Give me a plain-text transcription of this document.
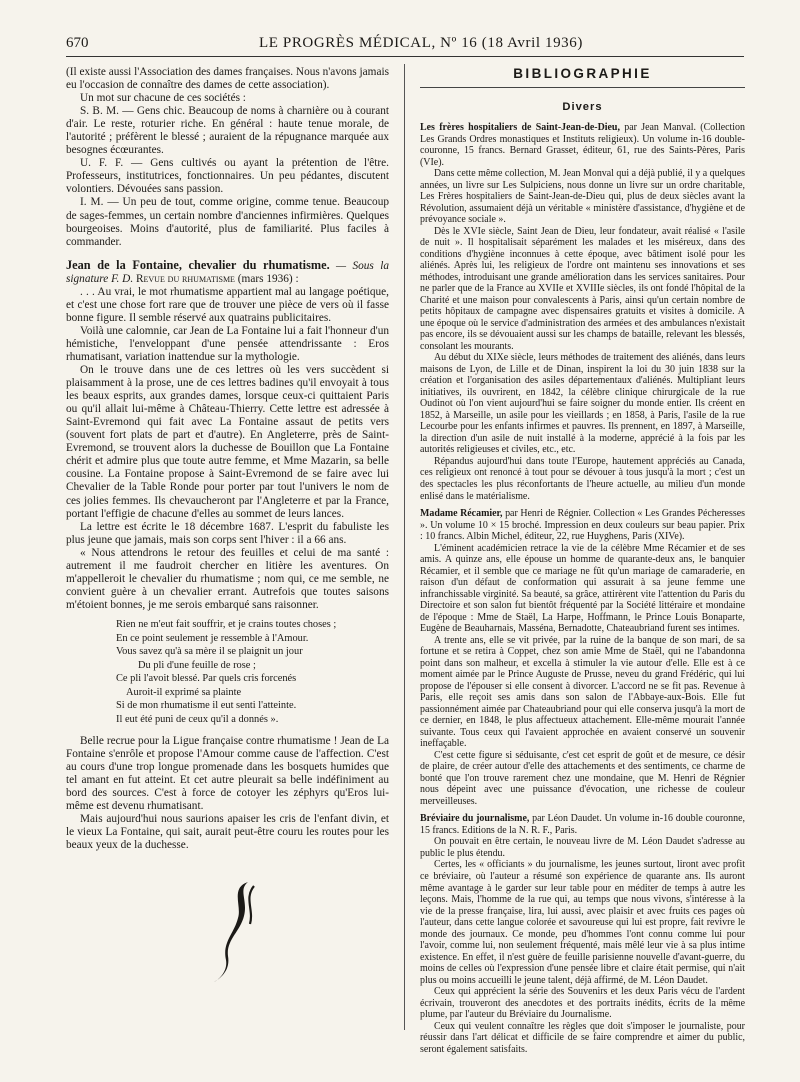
670	LE PROGRÈS MÉDICAL, Nº 16 (18 Avril 1936)

(Il existe aussi l'Association des dames françaises. Nous n'avons jamais eu l'occasion de connaître des dames de cette association).

Un mot sur chacune de ces sociétés :

S. B. M. — Gens chic. Beaucoup de noms à charnière ou à courant d'air. Le reste, roturier riche. En général : haute tenue morale, de l'autorité ; préfèrent le blessé ; auraient de la répugnance marquée aux besognes écœurantes.

U. F. F. — Gens cultivés ou ayant la prétention de l'être. Professeurs, institutrices, fonctionnaires. Un peu pédantes, discutent volontiers. Dévouées sans passion.

I. M. — Un peu de tout, comme origine, comme tenue. Beaucoup de sages-femmes, un certain nombre d'anciennes infirmières. Quelques bourgeoises. Moins d'autorité, plus de familiarité. Plus faciles à commander.

Jean de la Fontaine, chevalier du rhumatisme. — Sous la signature F. D. Revue du rhumatisme (mars 1936) :

. . . Au vrai, le mot rhumatisme appartient mal au langage poétique, et c'est une chose fort rare que de trouver une pièce de vers où il fasse bonne figure. Il semble réservé aux quatrains publicitaires.

Voilà une calomnie, car Jean de La Fontaine lui a fait l'honneur d'un hémistiche, l'enveloppant d'une pensée attendrissante : Eros rhumatisant, variation inattendue sur la mythologie.

On le trouve dans une de ces lettres où les vers succèdent si plaisamment à la prose, une de ces lettres badines qu'il envoyait à tous les beaux esprits, aux grandes dames, lorsque ceux-ci quittaient Paris ou qu'il allait lui-même à Château-Thierry. Cette lettre est adressée à Saint-Evremond qui fait avec La Fontaine assaut de petits vers (souvent fort plats de part et d'autre). En Angleterre, près de Saint-Evremond, se trouvent alors la duchesse de Bouillon que La Fontaine chérit et admire plus que toute autre femme, et Mme Mazarin, sa belle cousine. La Fontaine propose à Saint-Evremond de se faire avec lui Chevalier de la Table Ronde pour porter par tout l'univers le nom de ces jolies femmes. Ils chevaucheront par l'Angleterre et par la France, portant l'effigie de chacune d'elles au sommet de leurs lances.

La lettre est écrite le 18 décembre 1687. L'esprit du fabuliste les plus jeune que jamais, mais son corps sent l'hiver : il a 66 ans.

« Nous attendrons le retour des feuilles et celui de ma santé : autrement il me faudroit chercher en litière les aventures. On m'appelleroit le chevalier du rhumatisme ; nom qui, ce me semble, ne convient guère à un chevalier errant. Autrefois que toutes saisons m'étoient bonnes, je me serois embarqué sans raisonner.

Rien ne m'eut fait souffrir, et je crains toutes choses ;
En ce point seulement je ressemble à l'Amour.
Vous savez qu'à sa mère il se plaignit un jour
Du pli d'une feuille de rose ;
Ce pli l'avoit blessé. Par quels cris forcenés
Auroit-il exprimé sa plainte
Si de mon rhumatisme il eut senti l'atteinte.
Il eut été puni de ceux qu'il a donnés ».

Belle recrue pour la Ligue française contre rhumatisme ! Jean de La Fontaine s'enrôle et propose l'Amour comme cause de l'affection. C'est au cours d'une trop longue promenade dans les bosquets humides que tel amant en fut atteint. Et cet autre pleurait sa belle indéfiniment au bord des sources. C'est à force de cotoyer les zéphyrs qu'Eros lui-même est devenu rhumatisant.

Mais aujourd'hui nous saurions apaiser les cris de l'enfant divin, et le vieux La Fontaine, qui sait, aurait peut-être couru les routes pour les beaux yeux de la duchesse.

BIBLIOGRAPHIE
Divers

Les frères hospitaliers de Saint-Jean-de-Dieu, par Jean Manval. (Collection Les Grands Ordres monastiques et Instituts religieux). Un volume in-16 double-couronne, 15 francs. Bernard Grasset, éditeur, 61, rue des Saints-Pères, Paris (VIe).

Dans cette même collection, M. Jean Monval qui a déjà publié, il y a quelques années, un livre sur Les Sulpiciens, nous donne un livre sur un ordre charitable, Les Frères hospitaliers de Saint-Jean-de-Dieu qui, plus de deux siècles avant la Révolution, assumaient déjà un véritable « ministère d'assistance, d'hygiène et de prévoyance sociale ».

Dès le XVIe siècle, Saint Jean de Dieu, leur fondateur, avait réalisé « l'asile de nuit ». Il hospitalisait séparément les malades et les miséreux, dans des conditions d'hygiène inconnues à cette époque, avec bâtiment isolé pour les aliénés. Après lui, les religieux de l'ordre ont maintenu ses innovations et ses méthodes, introduisant une grande amélioration dans les services sanitaires. Pour ne parler que de la France au XVIIe et XVIIIe siècles, ils ont fondé l'hôpital de la Charité et une maison pour convalescents à Paris, ainsi qu'un certain nombre de petits hôpitaux de campagne avec dispensaires gratuits et visites à domicile. A une époque où le service d'administration des armées et des ambulances n'existait pas encore, ils se dévouaient aussi sur les champs de bataille, relevant les blessés, consolant les mourants.

Au début du XIXe siècle, leurs méthodes de traitement des aliénés, dans leurs maisons de Lyon, de Lille et de Dinan, inspirent la loi du 30 juin 1838 sur la création et l'organisation des asiles départementaux d'aliénés. Multipliant leurs initiatives, ils ouvrirent, en 1842, la célèbre clinique chirurgicale de la rue Oudinot où l'on vient aujourd'hui se faire soigner du monde entier. Ils créent en 1852, à Marseille, un asile pour les vieillards ; en 1858, à Paris, l'asile de la rue Lecourbe pour les enfants infirmes et pauvres. Ils prennent, en 1897, à Marseille, la direction d'un asile de nuit installé à la moderne, apprécié à la fois par les autorités religieuses et civiles, etc., etc.

Répandus aujourd'hui dans toute l'Europe, hautement appréciés au Canada, ces religieux ont renoncé à tout pour se dévouer à tous jusqu'à la mort ; c'est un des spectacles les plus réconfortants de l'heure actuelle, au milieu d'un monde enlisé dans le matérialisme.

Madame Récamier, par Henri de Régnier. Collection « Les Grandes Pécheresses ». Un volume 10 × 15 broché. Impression en deux couleurs sur beau papier. Prix : 10 francs. Albin Michel, éditeur, 22, rue Huyghens, Paris (XIVe).

L'éminent académicien retrace la vie de la célèbre Mme Récamier et de ses amis. A quinze ans, elle épouse un homme de quarante-deux ans, le banquier Récamier, et il semble que ce mariage ne fût qu'un mariage de camaraderie, en raison d'un défaut de conformation qui assurait à sa jeune femme une infranchissable virginité. Sa beauté, sa grâce, attirèrent vite l'attention du Paris du Directoire et son salon fut bientôt fréquenté par la Société littéraire et mondaine de l'époque : Mme de Staël, La Harpe, Hoffmann, le Prince Louis Bonaparte, Eugène de Beauharnais, Masséna, Bernadotte, Chateaubriand furent ses intimes.

A trente ans, elle se vit privée, par la ruine de la banque de son mari, de sa fortune et se retira à Coppet, chez son amie Mme de Staël, qui ne l'abandonna point dans son malheur, et excella à stimuler la vie autour d'elle. Elle est à ce moment aimée par le Prince Auguste de Prusse, neveu du grand Frédéric, qui lui propose de l'épouser si elle consent à divorcer. L'accord ne se fit pas. Revenue à Paris, elle reçoit ses amis dans son salon de l'Abbaye-aux-Bois. Elle fut passionnément aimée par Chateaubriand pour qui elle conserva jusqu'à la mort de ce dernier, en 1848, le plus affectueux attachement. Elle-même mourait l'année suivante. Tous ceux qui l'avaient approchée en avaient conservé un souvenir ineffaçable.

C'est cette figure si séduisante, c'est cet esprit de goût et de mesure, ce désir de plaire, de créer autour d'elle des attachements et des sentiments, ce charme de bonté que l'on trouve rarement chez une mondaine, que M. Henri de Régnier nous dépeint avec une puissance d'évocation, une richesse de couleur merveilleuses.

Bréviaire du journalisme, par Léon Daudet. Un volume in-16 double couronne, 15 francs. Editions de la N. R. F., Paris.

On pouvait en être certain, le nouveau livre de M. Léon Daudet s'adresse au public le plus étendu.

Certes, les « officiants » du journalisme, les jeunes surtout, liront avec profit ce bréviaire, où l'auteur a résumé son expérience de quarante ans. Ils auront même avantage à le garder sur leur table pour en méditer de temps à autre les leçons. Mais, l'homme de la rue qui, au temps que nous vivons, s'intéresse à la vie de la presse française, lira, lui aussi, avec plaisir et avec fruits ces pages où l'auteur, dans cette langue colorée et savoureuse qui lui est propre, fait revivre le monde des journaux. Ce monde, peu d'hommes l'ont connu comme lui pour l'avoir, comme lui, non seulement fréquenté, mais mêlé leur vie à sa plus intime existence. En effet, il n'est guère de feuille parisienne nouvelle d'avant-guerre, du moins de celles où l'expression d'une pensée libre et claire était permise, qui n'ait plus ou moins accueilli le jeune talent, déjà affirmé, de M. Léon Daudet.

Ceux qui apprécient la série des Souvenirs et les deux Paris vécu de l'ardent écrivain, trouveront des anecdotes et des portraits inédits, écrits de la même plume, par l'auteur du Bréviaire du Journalisme.

Ceux qui veulent connaître les règles que doit s'imposer le journaliste, pour réussir dans l'art délicat et difficile de se faire comprendre et aimer du public, seront également satisfaits.
